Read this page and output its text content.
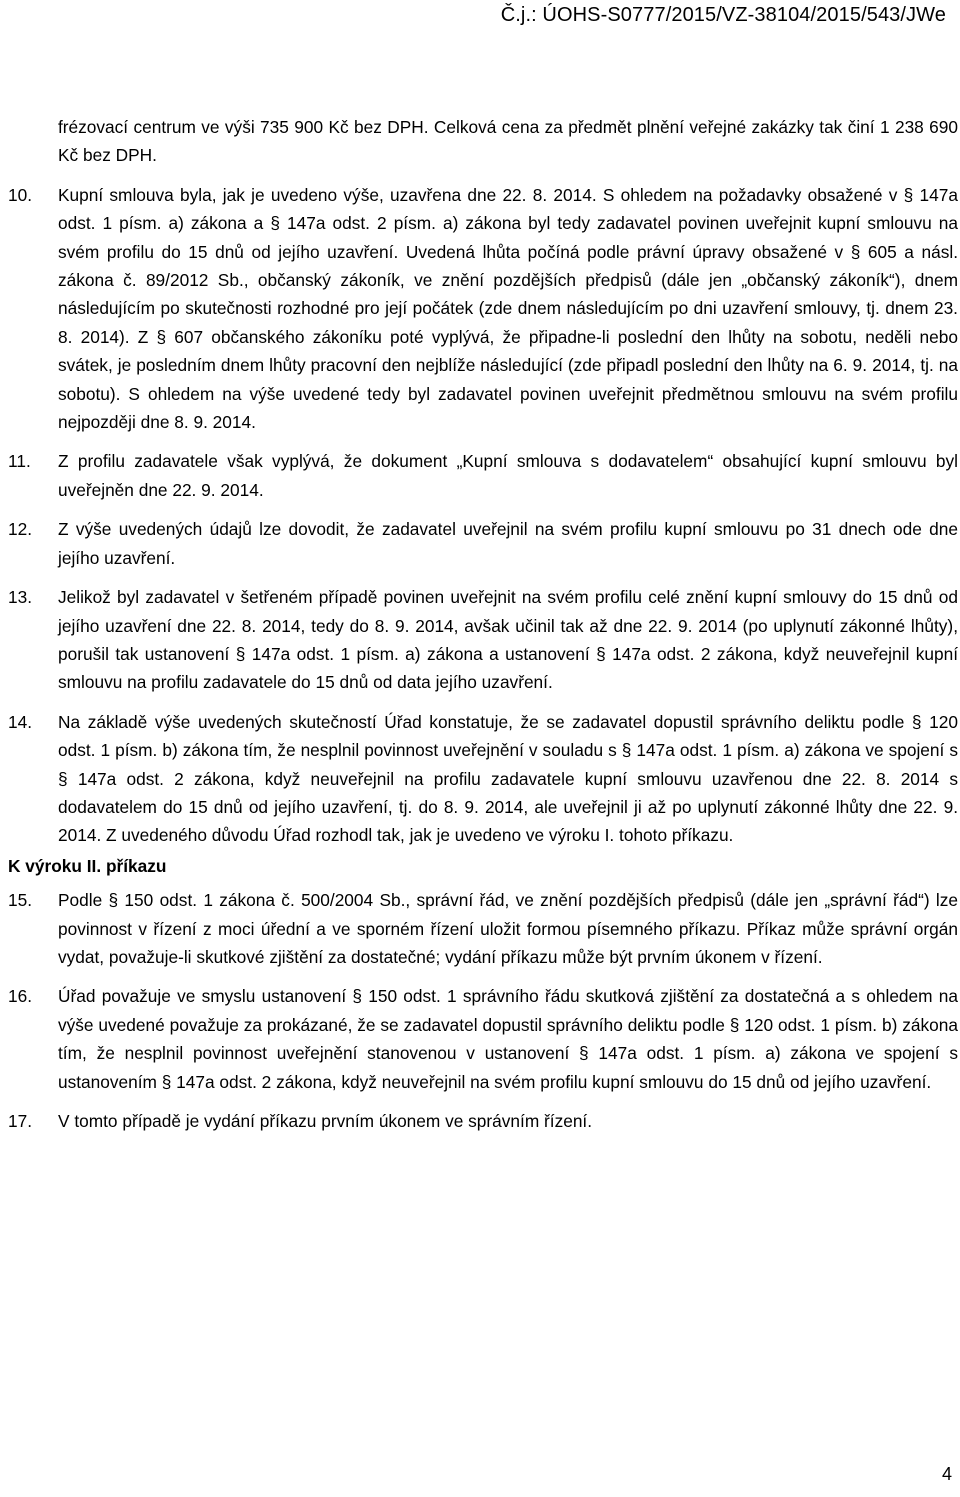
Č.j.: ÚOHS-S0777/2015/VZ-38104/2015/543/JWe
frézovací centrum ve výši 735 900 Kč bez DPH. Celková cena za předmět plnění veřejné zakázky tak činí 1 238 690 Kč bez DPH.
10.	Kupní smlouva byla, jak je uvedeno výše, uzavřena dne 22. 8. 2014. S ohledem na požadavky obsažené v § 147a odst. 1 písm. a) zákona a § 147a odst. 2 písm. a) zákona byl tedy zadavatel povinen uveřejnit kupní smlouvu na svém profilu do 15 dnů od jejího uzavření. Uvedená lhůta počíná podle právní úpravy obsažené v § 605 a násl. zákona č. 89/2012 Sb., občanský zákoník, ve znění pozdějších předpisů (dále jen „občanský zákoník“), dnem následujícím po skutečnosti rozhodné pro její počátek (zde dnem následujícím po dni uzavření smlouvy, tj. dnem 23. 8. 2014). Z § 607 občanského zákoníku poté vyplývá, že připadne-li poslední den lhůty na sobotu, neděli nebo svátek, je posledním dnem lhůty pracovní den nejblíže následující (zde připadl poslední den lhůty na 6. 9. 2014, tj. na sobotu). S ohledem na výše uvedené tedy byl zadavatel povinen uveřejnit předmětnou smlouvu na svém profilu nejpozději dne 8. 9. 2014.
11.	Z profilu zadavatele však vyplývá, že dokument „Kupní smlouva s dodavatelem“ obsahující kupní smlouvu byl uveřejněn dne 22. 9. 2014.
12.	Z výše uvedených údajů lze dovodit, že zadavatel uveřejnil na svém profilu kupní smlouvu po 31 dnech ode dne jejího uzavření.
13.	Jelikož byl zadavatel v šetřeném případě povinen uveřejnit na svém profilu celé znění kupní smlouvy do 15 dnů od jejího uzavření dne 22. 8. 2014, tedy do 8. 9. 2014, avšak učinil tak až dne 22. 9. 2014 (po uplynutí zákonné lhůty), porušil tak ustanovení § 147a odst. 1 písm. a) zákona a ustanovení § 147a odst. 2 zákona, když neuveřejnil kupní smlouvu na profilu zadavatele do 15 dnů od data jejího uzavření.
14.	Na základě výše uvedených skutečností Úřad konstatuje, že se zadavatel dopustil správního deliktu podle § 120 odst. 1 písm. b) zákona tím, že nesplnil povinnost uveřejnění v souladu s § 147a odst. 1 písm. a) zákona ve spojení s § 147a odst. 2 zákona, když neuveřejnil na profilu zadavatele kupní smlouvu uzavřenou dne 22. 8. 2014 s dodavatelem do 15 dnů od jejího uzavření, tj. do 8. 9. 2014, ale uveřejnil ji až po uplynutí zákonné lhůty dne 22. 9. 2014. Z uvedeného důvodu Úřad rozhodl tak, jak je uvedeno ve výroku I. tohoto příkazu.
K výroku II. příkazu
15.	Podle § 150 odst. 1 zákona č. 500/2004 Sb., správní řád, ve znění pozdějších předpisů (dále jen „správní řád“) lze povinnost v řízení z moci úřední a ve sporném řízení uložit formou písemného příkazu. Příkaz může správní orgán vydat, považuje-li skutkové zjištění za dostatečné; vydání příkazu může být prvním úkonem v řízení.
16.	Úřad považuje ve smyslu ustanovení § 150 odst. 1 správního řádu skutková zjištění za dostatečná a s ohledem na výše uvedené považuje za prokázané, že se zadavatel dopustil správního deliktu podle § 120 odst. 1 písm. b) zákona tím, že nesplnil povinnost uveřejnění stanovenou v ustanovení § 147a odst. 1 písm. a) zákona ve spojení s ustanovením § 147a odst. 2 zákona, když neuveřejnil na svém profilu kupní smlouvu do 15 dnů od jejího uzavření.
17.	V tomto případě je vydání příkazu prvním úkonem ve správním řízení.
4
